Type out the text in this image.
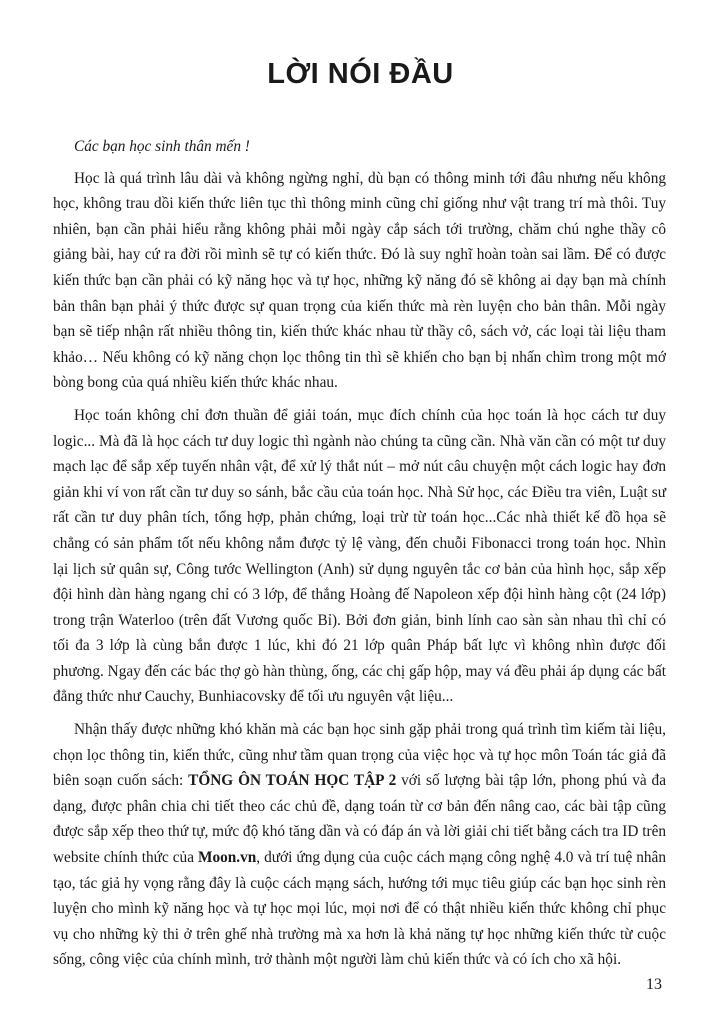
LỜI NÓI ĐẦU

Các bạn học sinh thân mến !

Học là quá trình lâu dài và không ngừng nghỉ, dù bạn có thông minh tới đâu nhưng nếu không học, không trau dồi kiến thức liên tục thì thông minh cũng chỉ giống như vật trang trí mà thôi. Tuy nhiên, bạn cần phải hiểu rằng không phải mỗi ngày cắp sách tới trường, chăm chú nghe thầy cô giảng bài, hay cứ ra đời rồi mình sẽ tự có kiến thức. Đó là suy nghĩ hoàn toàn sai lầm. Để có được kiến thức bạn cần phải có kỹ năng học và tự học, những kỹ năng đó sẽ không ai dạy bạn mà chính bản thân bạn phải ý thức được sự quan trọng của kiến thức mà rèn luyện cho bản thân. Mỗi ngày bạn sẽ tiếp nhận rất nhiều thông tin, kiến thức khác nhau từ thầy cô, sách vở, các loại tài liệu tham khảo… Nếu không có kỹ năng chọn lọc thông tin thì sẽ khiến cho bạn bị nhấn chìm trong một mớ bòng bong của quá nhiều kiến thức khác nhau.

Học toán không chỉ đơn thuần để giải toán, mục đích chính của học toán là học cách tư duy logic... Mà đã là học cách tư duy logic thì ngành nào chúng ta cũng cần. Nhà văn cần có một tư duy mạch lạc để sắp xếp tuyến nhân vật, để xử lý thắt nút – mở nút câu chuyện một cách logic hay đơn giản khi ví von rất cần tư duy so sánh, bắc cầu của toán học. Nhà Sử học, các Điều tra viên, Luật sư rất cần tư duy phân tích, tổng hợp, phản chứng, loại trừ từ toán học...Các nhà thiết kế đồ họa sẽ chẳng có sản phẩm tốt nếu không nắm được tỷ lệ vàng, đến chuỗi Fibonacci trong toán học. Nhìn lại lịch sử quân sự, Công tước Wellington (Anh) sử dụng nguyên tắc cơ bản của hình học, sắp xếp đội hình dàn hàng ngang chỉ có 3 lớp, để thắng Hoàng đế Napoleon xếp đội hình hàng cột (24 lớp) trong trận Waterloo (trên đất Vương quốc Bỉ). Bởi đơn giản, binh lính cao sàn sàn nhau thì chỉ có tối đa 3 lớp là cùng bắn được 1 lúc, khi đó 21 lớp quân Pháp bất lực vì không nhìn được đối phương. Ngay đến các bác thợ gò hàn thùng, ống, các chị gấp hộp, may vá đều phải áp dụng các bất đẳng thức như Cauchy, Bunhiacovsky để tối ưu nguyên vật liệu...

Nhận thấy được những khó khăn mà các bạn học sinh gặp phải trong quá trình tìm kiếm tài liệu, chọn lọc thông tin, kiến thức, cũng như tầm quan trọng của việc học và tự học môn Toán tác giả đã biên soạn cuốn sách: TỔNG ÔN TOÁN HỌC TẬP 2 với số lượng bài tập lớn, phong phú và đa dạng, được phân chia chi tiết theo các chủ đề, dạng toán từ cơ bản đến nâng cao, các bài tập cũng được sắp xếp theo thứ tự, mức độ khó tăng dần và có đáp án và lời giải chi tiết bằng cách tra ID trên website chính thức của Moon.vn, dưới ứng dụng của cuộc cách mạng công nghệ 4.0 và trí tuệ nhân tạo, tác giả hy vọng rằng đây là cuộc cách mạng sách, hướng tới mục tiêu giúp các bạn học sinh rèn luyện cho mình kỹ năng học và tự học mọi lúc, mọi nơi để có thật nhiều kiến thức không chỉ phục vụ cho những kỳ thi ở trên ghế nhà trường mà xa hơn là khả năng tự học những kiến thức từ cuộc sống, công việc của chính mình, trở thành một người làm chủ kiến thức và có ích cho xã hội.

13
